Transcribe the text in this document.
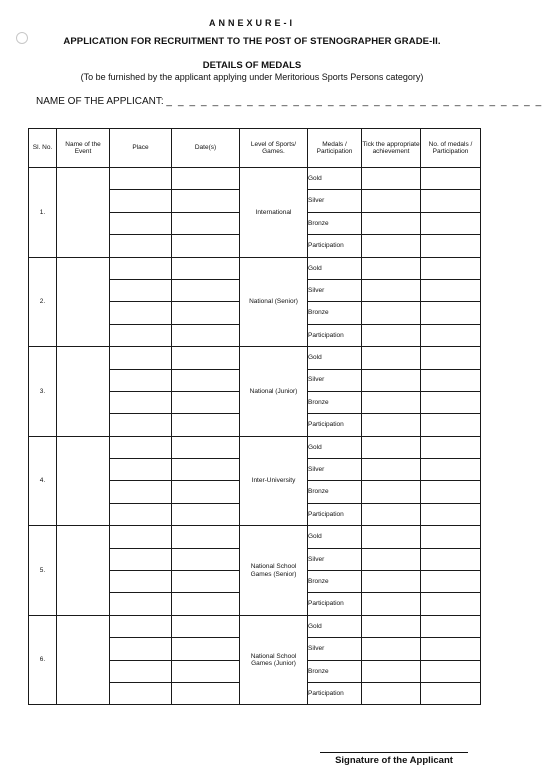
ANNEXURE-I
APPLICATION FOR RECRUITMENT TO THE POST OF STENOGRAPHER GRADE-II.
DETAILS OF MEDALS
(To be furnished by the applicant applying under Meritorious Sports Persons category)
NAME OF THE APPLICANT: _ _ _ _ _ _ _ _ _ _ _ _ _ _ _ _ _ _ _ _ _ _ _ _ _ _ _ _ _ _ _ _ _
Sl. No.	Name of the Event	Place	Date(s)	Level of Sports/ Games.	Medals / Participation	Tick the appropriate achievement	No. of medals / Participation
1.				International	Gold		
					Silver		
					Bronze		
					Participation		
2.				National (Senior)	Gold		
					Silver		
					Bronze		
					Participation		
3.				National (Junior)	Gold		
					Silver		
					Bronze		
					Participation		
4.				Inter-University	Gold		
					Silver		
					Bronze		
					Participation		
5.				National School Games (Senior)	Gold		
					Silver		
					Bronze		
					Participation		
6.				National School Games (Junior)	Gold		
					Silver		
					Bronze		
					Participation		
Signature of the Applicant
